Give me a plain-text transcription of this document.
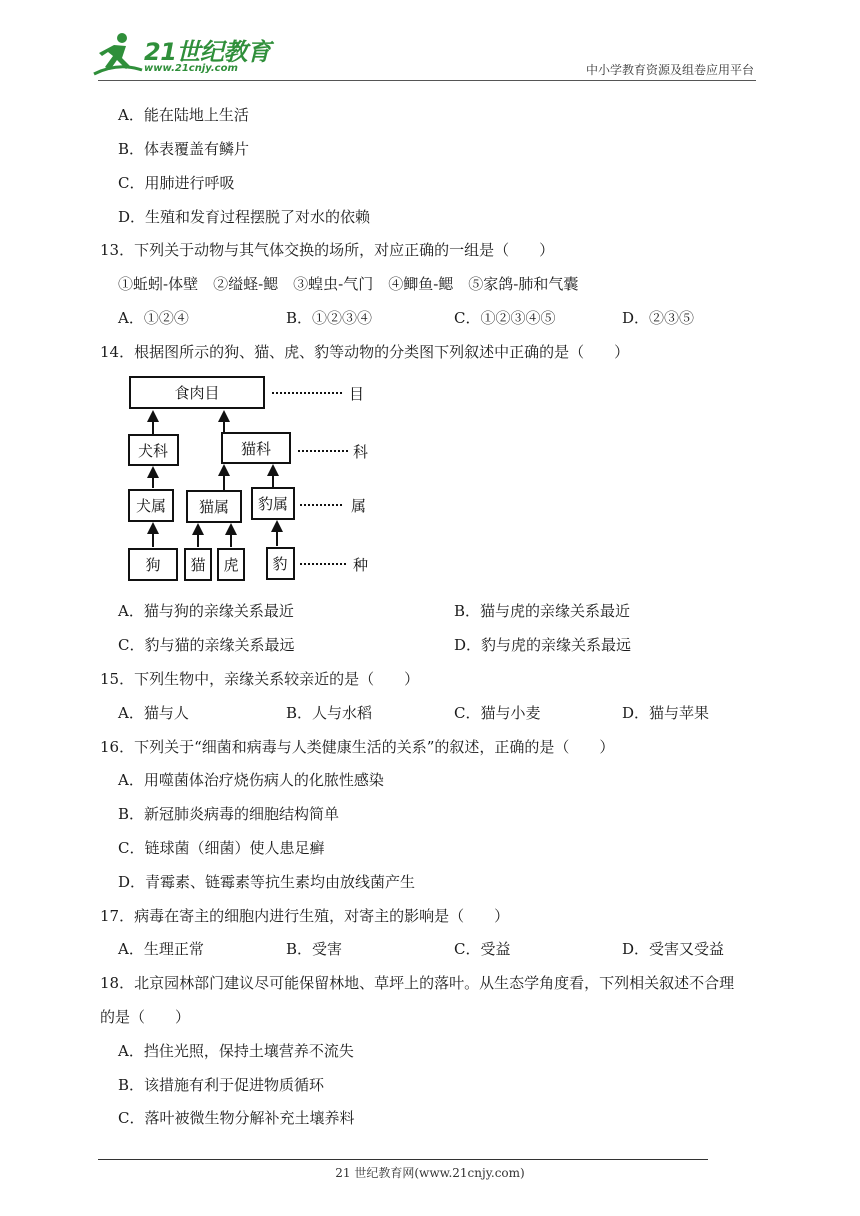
21世纪教育
www.21cnjy.com	中小学教育资源及组卷应用平台
A．能在陆地上生活
B．体表覆盖有鳞片
C．用肺进行呼吸
D．生殖和发育过程摆脱了对水的依赖
13．下列关于动物与其气体交换的场所，对应正确的一组是（　　）
①蚯蚓-体壁　②缢蛏-鳃　③蝗虫-气门　④鲫鱼-鳃　⑤家鸽-肺和气囊
A．①②④	B．①②③④	C．①②③④⑤	D．②③⑤
14．根据图所示的狗、猫、虎、豹等动物的分类图下列叙述中正确的是（　　）
食肉目	目
犬科	猫科	科
犬属 猫属 豹属	属
狗 猫 虎 豹	种
A．猫与狗的亲缘关系最近	B．猫与虎的亲缘关系最近
C．豹与猫的亲缘关系最远	D．豹与虎的亲缘关系最远
15．下列生物中，亲缘关系较亲近的是（　　）
A．猫与人	B．人与水稻	C．猫与小麦	D．猫与苹果
16．下列关于“细菌和病毒与人类健康生活的关系”的叙述，正确的是（　　）
A．用噬菌体治疗烧伤病人的化脓性感染
B．新冠肺炎病毒的细胞结构简单
C．链球菌（细菌）使人患足癣
D．青霉素、链霉素等抗生素均由放线菌产生
17．病毒在寄主的细胞内进行生殖，对寄主的影响是（　　）
A．生理正常	B．受害	C．受益	D．受害又受益
18．北京园林部门建议尽可能保留林地、草坪上的落叶。从生态学角度看，下列相关叙述不合理
的是（　　）
A．挡住光照，保持土壤营养不流失
B．该措施有利于促进物质循环
C．落叶被微生物分解补充土壤养料
21 世纪教育网(www.21cnjy.com)
